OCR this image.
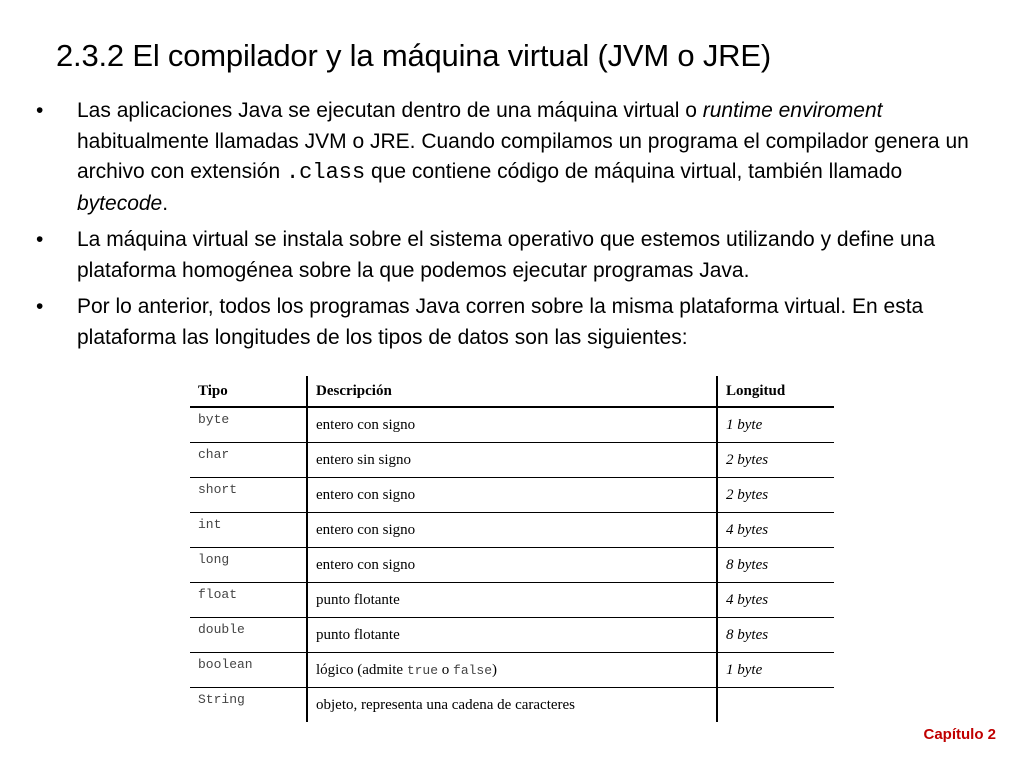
2.3.2 El compilador y la máquina virtual (JVM o JRE)
• Las aplicaciones Java se ejecutan dentro de una máquina virtual o runtime enviroment habitualmente llamadas JVM o JRE. Cuando compilamos un programa el compilador genera un archivo con extensión .class que contiene código de máquina virtual, también llamado bytecode.
• La máquina virtual se instala sobre el sistema operativo que estemos utilizando y define una plataforma homogénea sobre la que podemos ejecutar programas Java.
• Por lo anterior, todos los programas Java corren sobre la misma plataforma virtual. En esta plataforma las longitudes de los tipos de datos son las siguientes:
Tipo	Descripción	Longitud
byte	entero con signo	1 byte
char	entero sin signo	2 bytes
short	entero con signo	2 bytes
int	entero con signo	4 bytes
long	entero con signo	8 bytes
float	punto flotante	4 bytes
double	punto flotante	8 bytes
boolean	lógico (admite true o false)	1 byte
String	objeto, representa una cadena de caracteres	
Capítulo 2
